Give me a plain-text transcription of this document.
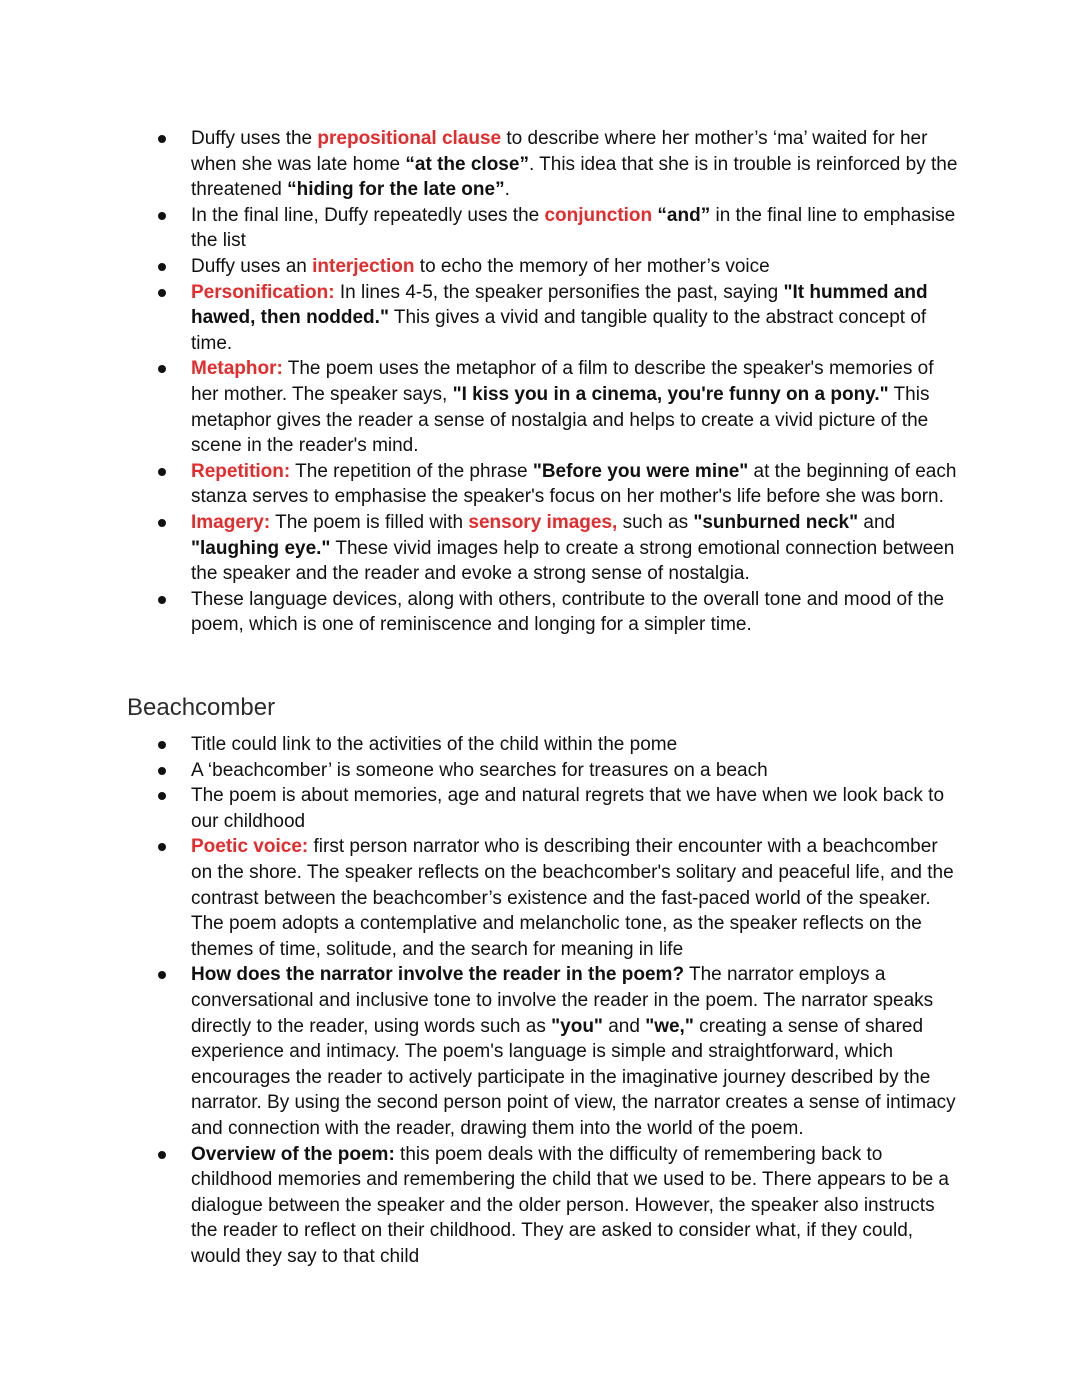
Duffy uses the prepositional clause to describe where her mother’s ‘ma’ waited for her when she was late home “at the close”. This idea that she is in trouble is reinforced by the threatened “hiding for the late one”.
In the final line, Duffy repeatedly uses the conjunction “and” in the final line to emphasise the list
Duffy uses an interjection to echo the memory of her mother’s voice
Personification: In lines 4-5, the speaker personifies the past, saying "It hummed and hawed, then nodded." This gives a vivid and tangible quality to the abstract concept of time.
Metaphor: The poem uses the metaphor of a film to describe the speaker's memories of her mother. The speaker says, "I kiss you in a cinema, you're funny on a pony." This metaphor gives the reader a sense of nostalgia and helps to create a vivid picture of the scene in the reader's mind.
Repetition: The repetition of the phrase "Before you were mine" at the beginning of each stanza serves to emphasise the speaker's focus on her mother's life before she was born.
Imagery: The poem is filled with sensory images, such as "sunburned neck" and "laughing eye." These vivid images help to create a strong emotional connection between the speaker and the reader and evoke a strong sense of nostalgia.
These language devices, along with others, contribute to the overall tone and mood of the poem, which is one of reminiscence and longing for a simpler time.
Beachcomber
Title could link to the activities of the child within the pome
A ‘beachcomber’ is someone who searches for treasures on a beach
The poem is about memories, age and natural regrets that we have when we look back to our childhood
Poetic voice: first person narrator who is describing their encounter with a beachcomber on the shore. The speaker reflects on the beachcomber's solitary and peaceful life, and the contrast between the beachcomber’s existence and the fast-paced world of the speaker. The poem adopts a contemplative and melancholic tone, as the speaker reflects on the themes of time, solitude, and the search for meaning in life
How does the narrator involve the reader in the poem? The narrator employs a conversational and inclusive tone to involve the reader in the poem. The narrator speaks directly to the reader, using words such as "you" and "we," creating a sense of shared experience and intimacy. The poem's language is simple and straightforward, which encourages the reader to actively participate in the imaginative journey described by the narrator. By using the second person point of view, the narrator creates a sense of intimacy and connection with the reader, drawing them into the world of the poem.
Overview of the poem: this poem deals with the difficulty of remembering back to childhood memories and remembering the child that we used to be. There appears to be a dialogue between the speaker and the older person. However, the speaker also instructs the reader to reflect on their childhood. They are asked to consider what, if they could, would they say to that child
